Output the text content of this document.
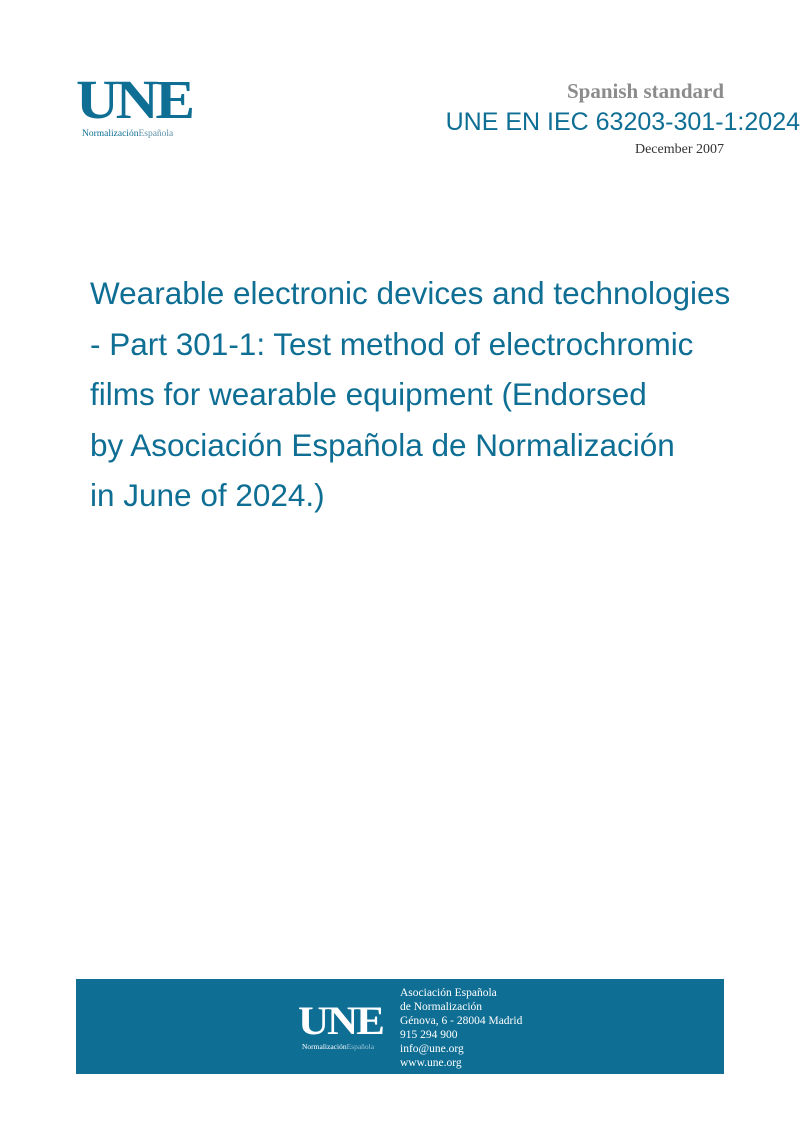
UNE
NormalizaciónEspañola
Spanish standard
UNE EN IEC 63203-301-1:2024
December 2007
Wearable electronic devices and technologies
- Part 301-1: Test method of electrochromic
films for wearable equipment (Endorsed
by Asociación Española de Normalización
in June of 2024.)
UNE
NormalizaciónEspañola
Asociación Española
de Normalización
Génova, 6 - 28004 Madrid
915 294 900
info@une.org
www.une.org
